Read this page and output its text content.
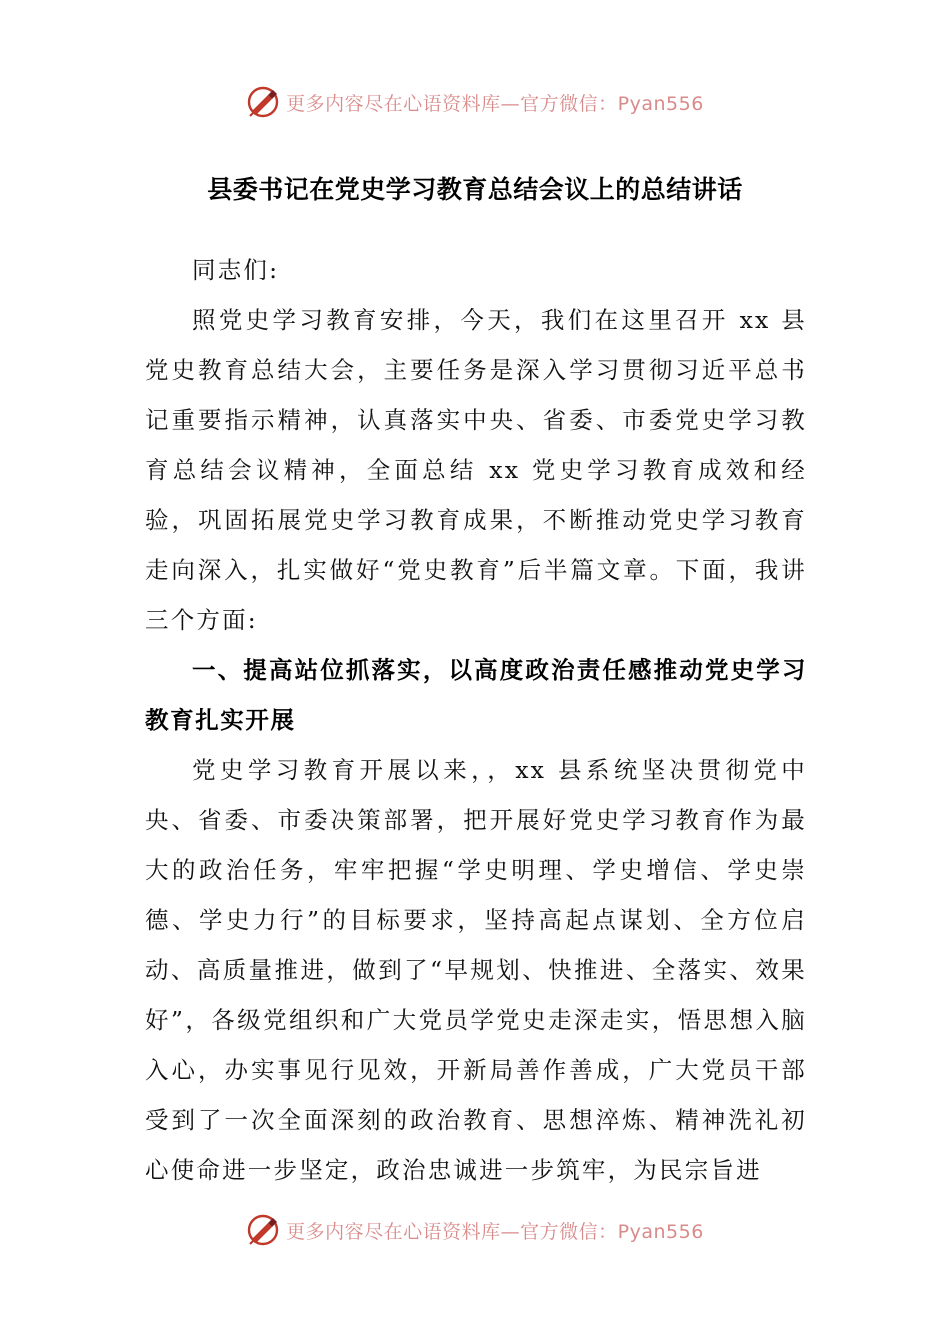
更多内容尽在心语资料库—官方微信：Pyan556
县委书记在党史学习教育总结会议上的总结讲话

同志们:

照党史学习教育安排，今天，我们在这里召开 xx 县党史教育总结大会，主要任务是深入学习贯彻习近平总书记重要指示精神，认真落实中央、省委、市委党史学习教育总结会议精神，全面总结 xx 党史学习教育成效和经验，巩固拓展党史学习教育成果，不断推动党史学习教育走向深入，扎实做好“党史教育”后半篇文章。下面，我讲三个方面:

一、提高站位抓落实，以高度政治责任感推动党史学习教育扎实开展

党史学习教育开展以来，，xx 县系统坚决贯彻党中央、省委、市委决策部署，把开展好党史学习教育作为最大的政治任务，牢牢把握“学史明理、学史增信、学史崇德、学史力行”的目标要求，坚持高起点谋划、全方位启动、高质量推进，做到了“早规划、快推进、全落实、效果好”，各级党组织和广大党员学党史走深走实，悟思想入脑入心，办实事见行见效，开新局善作善成，广大党员干部受到了一次全面深刻的政治教育、思想淬炼、精神洗礼初心使命进一步坚定，政治忠诚进一步筑牢，为民宗旨进

更多内容尽在心语资料库—官方微信：Pyan556
